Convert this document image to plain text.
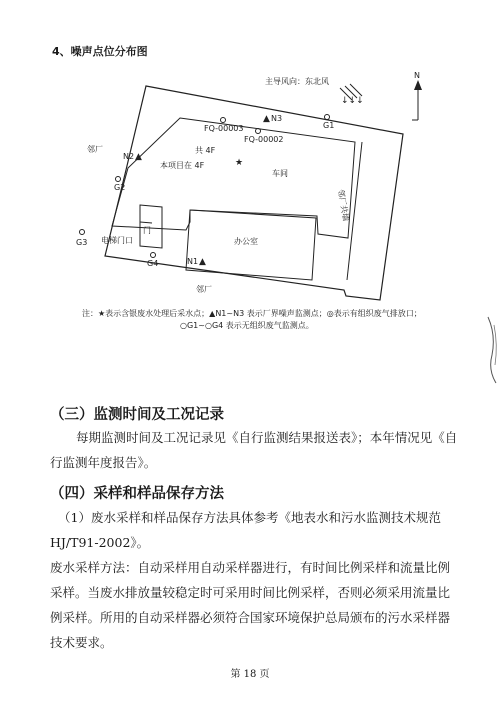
4、噪声点位分布图
↓↓↓
主导风向：东北风
N
邻厂
车间
共 4F
本项目在 4F
办公室
电梯门口
门
邻厂
邻厂共墙
★
▲ N3
N2 ▲
N1 ▲
G1
G2
G3
G4
FQ-00003
FQ-00002
注：★表示含银废水处理后采水点；▲N1~N3 表示厂界噪声监测点；◎表示有组织废气排放口；
○G1~○G4 表示无组织废气监测点。
（三）监测时间及工况记录
每期监测时间及工况记录见《自行监测结果报送表》；本年情况见《自行监测年度报告》。
（四）采样和样品保存方法
（1）废水采样和样品保存方法具体参考《地表水和污水监测技术规范 HJ/T91-2002》。
废水采样方法：自动采样用自动采样器进行，有时间比例采样和流量比例采样。当废水排放量较稳定时可采用时间比例采样，否则必须采用流量比例采样。所用的自动采样器必须符合国家环境保护总局颁布的污水采样器技术要求。
第 18 页
